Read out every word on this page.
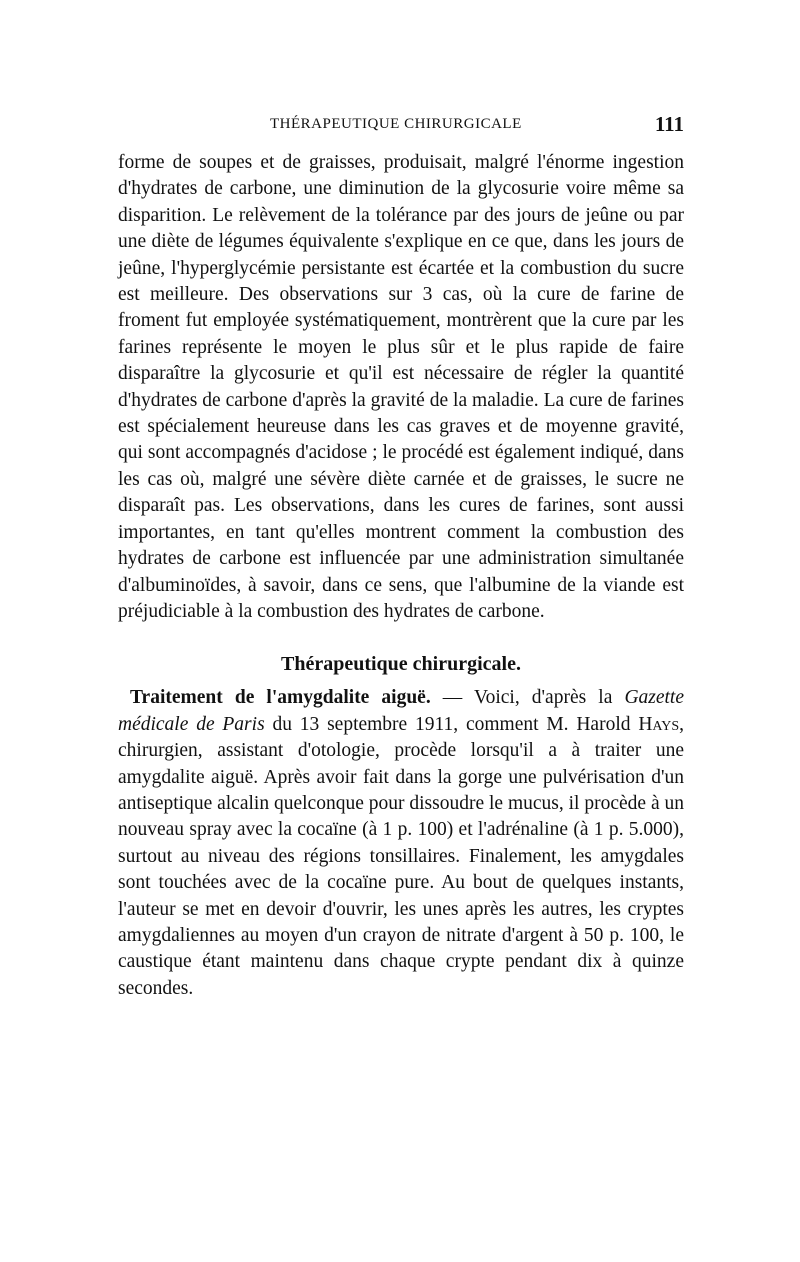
THÉRAPEUTIQUE CHIRURGICALE	111

forme de soupes et de graisses, produisait, malgré l'énorme ingestion d'hydrates de carbone, une diminution de la glycosurie voire même sa disparition. Le relèvement de la tolérance par des jours de jeûne ou par une diète de légumes équivalente s'explique en ce que, dans les jours de jeûne, l'hyperglycémie persistante est écartée et la combustion du sucre est meilleure. Des observations sur 3 cas, où la cure de farine de froment fut employée systématiquement, montrèrent que la cure par les farines représente le moyen le plus sûr et le plus rapide de faire disparaître la glycosurie et qu'il est nécessaire de régler la quantité d'hydrates de carbone d'après la gravité de la maladie. La cure de farines est spécialement heureuse dans les cas graves et de moyenne gravité, qui sont accompagnés d'acidose ; le procédé est également indiqué, dans les cas où, malgré une sévère diète carnée et de graisses, le sucre ne disparaît pas. Les observations, dans les cures de farines, sont aussi importantes, en tant qu'elles montrent comment la combustion des hydrates de carbone est influencée par une administration simultanée d'albuminoïdes, à savoir, dans ce sens, que l'albumine de la viande est préjudiciable à la combustion des hydrates de carbone.

Thérapeutique chirurgicale.

Traitement de l'amygdalite aiguë. — Voici, d'après la Gazette médicale de Paris du 13 septembre 1911, comment M. Harold Hays, chirurgien, assistant d'otologie, procède lorsqu'il a à traiter une amygdalite aiguë. Après avoir fait dans la gorge une pulvérisation d'un antiseptique alcalin quelconque pour dissoudre le mucus, il procède à un nouveau spray avec la cocaïne (à 1 p. 100) et l'adrénaline (à 1 p. 5.000), surtout au niveau des régions tonsillaires. Finalement, les amygdales sont touchées avec de la cocaïne pure. Au bout de quelques instants, l'auteur se met en devoir d'ouvrir, les unes après les autres, les cryptes amygdaliennes au moyen d'un crayon de nitrate d'argent à 50 p. 100, le caustique étant maintenu dans chaque crypte pendant dix à quinze secondes.
